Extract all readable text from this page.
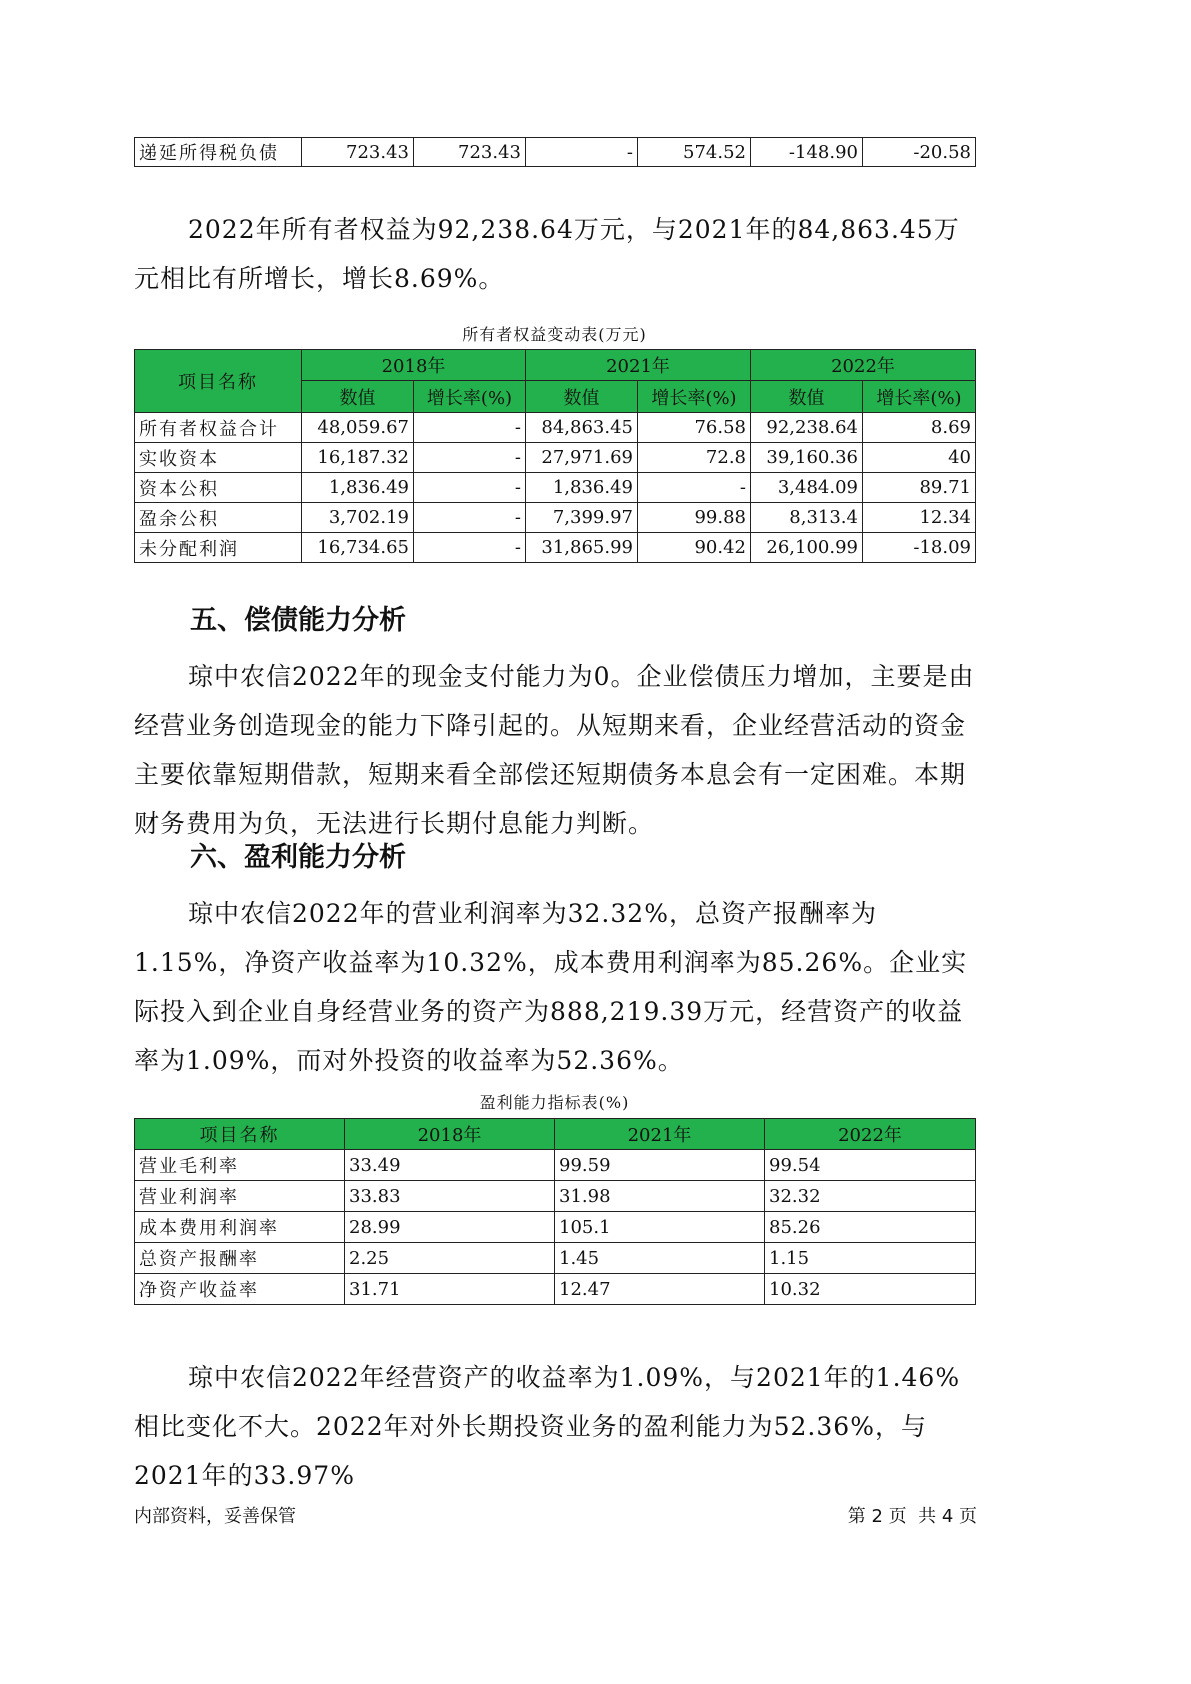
递延所得税负债	723.43	723.43	-	574.52	-148.90	-20.58

2022年所有者权益为92,238.64万元，与2021年的84,863.45万元相比有所增长，增长8.69%。

所有者权益变动表(万元)
项目名称	2018年		2021年		2022年	
	数值	增长率(%)	数值	增长率(%)	数值	增长率(%)
所有者权益合计	48,059.67	-	84,863.45	76.58	92,238.64	8.69
实收资本	16,187.32	-	27,971.69	72.8	39,160.36	40
资本公积	1,836.49	-	1,836.49	-	3,484.09	89.71
盈余公积	3,702.19	-	7,399.97	99.88	8,313.4	12.34
未分配利润	16,734.65	-	31,865.99	90.42	26,100.99	-18.09
五、偿债能力分析

琼中农信2022年的现金支付能力为0。企业偿债压力增加，主要是由经营业务创造现金的能力下降引起的。从短期来看，企业经营活动的资金主要依靠短期借款，短期来看全部偿还短期债务本息会有一定困难。本期财务费用为负，无法进行长期付息能力判断。

六、盈利能力分析

琼中农信2022年的营业利润率为32.32%，总资产报酬率为1.15%，净资产收益率为10.32%，成本费用利润率为85.26%。企业实际投入到企业自身经营业务的资产为888,219.39万元，经营资产的收益率为1.09%，而对外投资的收益率为52.36%。

盈利能力指标表(%)
项目名称	2018年	2021年	2022年
营业毛利率	33.49	99.59	99.54
营业利润率	33.83	31.98	32.32
成本费用利润率	28.99	105.1	85.26
总资产报酬率	2.25	1.45	1.15
净资产收益率	31.71	12.47	10.32

琼中农信2022年经营资产的收益率为1.09%，与2021年的1.46%相比变化不大。2022年对外长期投资业务的盈利能力为52.36%，与2021年的33.97%

内部资料，妥善保管	第 2 页  共 4 页
